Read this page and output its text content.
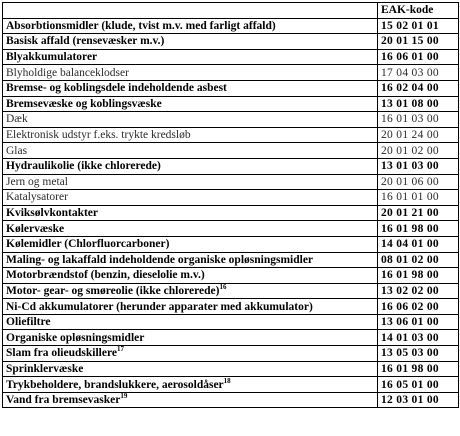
	EAK-kode
Absorbtionsmidler (klude, tvist m.v. med farligt affald)	15 02 01 01
Basisk affald (rensevæsker m.v.)	20 01 15 00
Blyakkumulatorer	16 06 01 00
Blyholdige balanceklodser	17 04 03 00
Bremse- og koblingsdele indeholdende asbest	16 02 04 00
Bremsevæske og koblingsvæske	13 01 08 00
Dæk	16 01 03 00
Elektronisk udstyr f.eks. trykte kredsløb	20 01 24 00
Glas	20 01 02 00
Hydraulikolie (ikke chlorerede)	13 01 03 00
Jern og metal	20 01 06 00
Katalysatorer	16 01 01 00
Kviksølvkontakter	20 01 21 00
Kølervæske	16 01 98 00
Kølemidler (Chlorfluorcarboner)	14 04 01 00
Maling- og lakaffald indeholdende organiske opløsningsmidler	08 01 02 00
Motorbrændstof (benzin, dieselolie m.v.)	16 01 98 00
Motor- gear- og smøreolie (ikke chlorerede)$^{16}$	13 02 02 00
Ni-Cd akkumulatorer (herunder apparater med akkumulator)	16 06 02 00
Oliefiltre	13 06 01 00
Organiske opløsningsmidler	14 01 03 00
Slam fra olieudskillere$^{17}$	13 05 03 00
Sprinklervæske	16 01 98 00
Trykbeholdere, brandslukkere, aerosoldåser$^{18}$	16 05 01 00
Vand fra bremsevasker$^{19}$	12 03 01 00
